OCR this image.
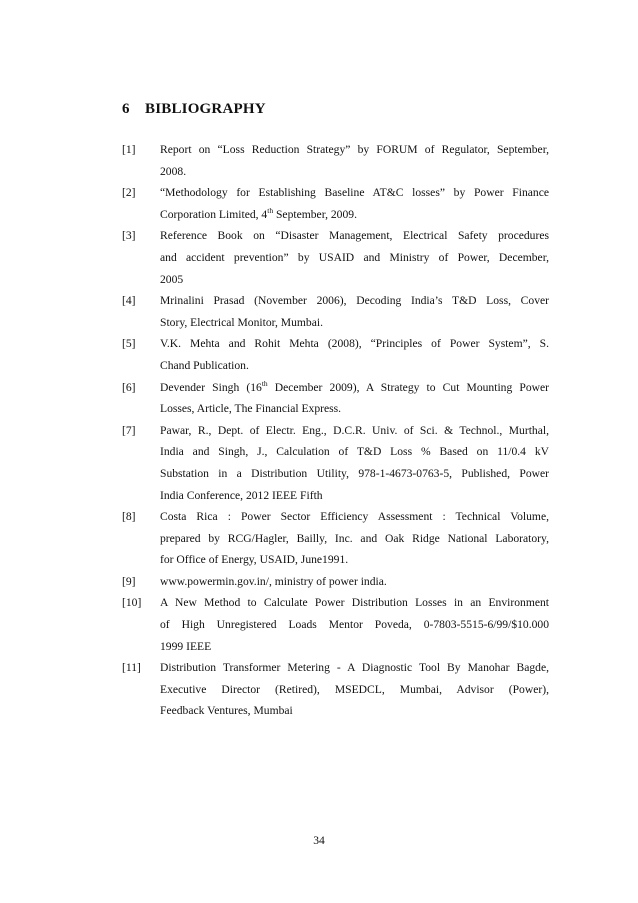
6 BIBLIOGRAPHY
[1]	Report on “Loss Reduction Strategy” by FORUM of Regulator, September,
2008.
[2]	“Methodology for Establishing Baseline AT&C losses” by Power Finance
Corporation Limited, 4th September, 2009.
[3]	Reference Book on “Disaster Management, Electrical Safety procedures
and accident prevention” by USAID and Ministry of Power, December,
2005
[4]	Mrinalini Prasad (November 2006), Decoding India’s T&D Loss, Cover
Story, Electrical Monitor, Mumbai.
[5]	V.K. Mehta and Rohit Mehta (2008), “Principles of Power System”, S.
Chand Publication.
[6]	Devender Singh (16th December 2009), A Strategy to Cut Mounting Power
Losses, Article, The Financial Express.
[7]	Pawar, R., Dept. of Electr. Eng., D.C.R. Univ. of Sci. & Technol., Murthal,
India and Singh, J., Calculation of T&D Loss % Based on 11/0.4 kV
Substation in a Distribution Utility, 978-1-4673-0763-5, Published, Power
India Conference, 2012 IEEE Fifth
[8]	Costa Rica : Power Sector Efficiency Assessment : Technical Volume,
prepared by RCG/Hagler, Bailly, Inc. and Oak Ridge National Laboratory,
for Office of Energy, USAID, June1991.
[9]	www.powermin.gov.in/, ministry of power india.
[10]	A New Method to Calculate Power Distribution Losses in an Environment
of High Unregistered Loads Mentor Poveda, 0-7803-5515-6/99/$10.000
1999 IEEE
[11]	Distribution Transformer Metering - A Diagnostic Tool By Manohar Bagde,
Executive Director (Retired), MSEDCL, Mumbai, Advisor (Power),
Feedback Ventures, Mumbai
34
